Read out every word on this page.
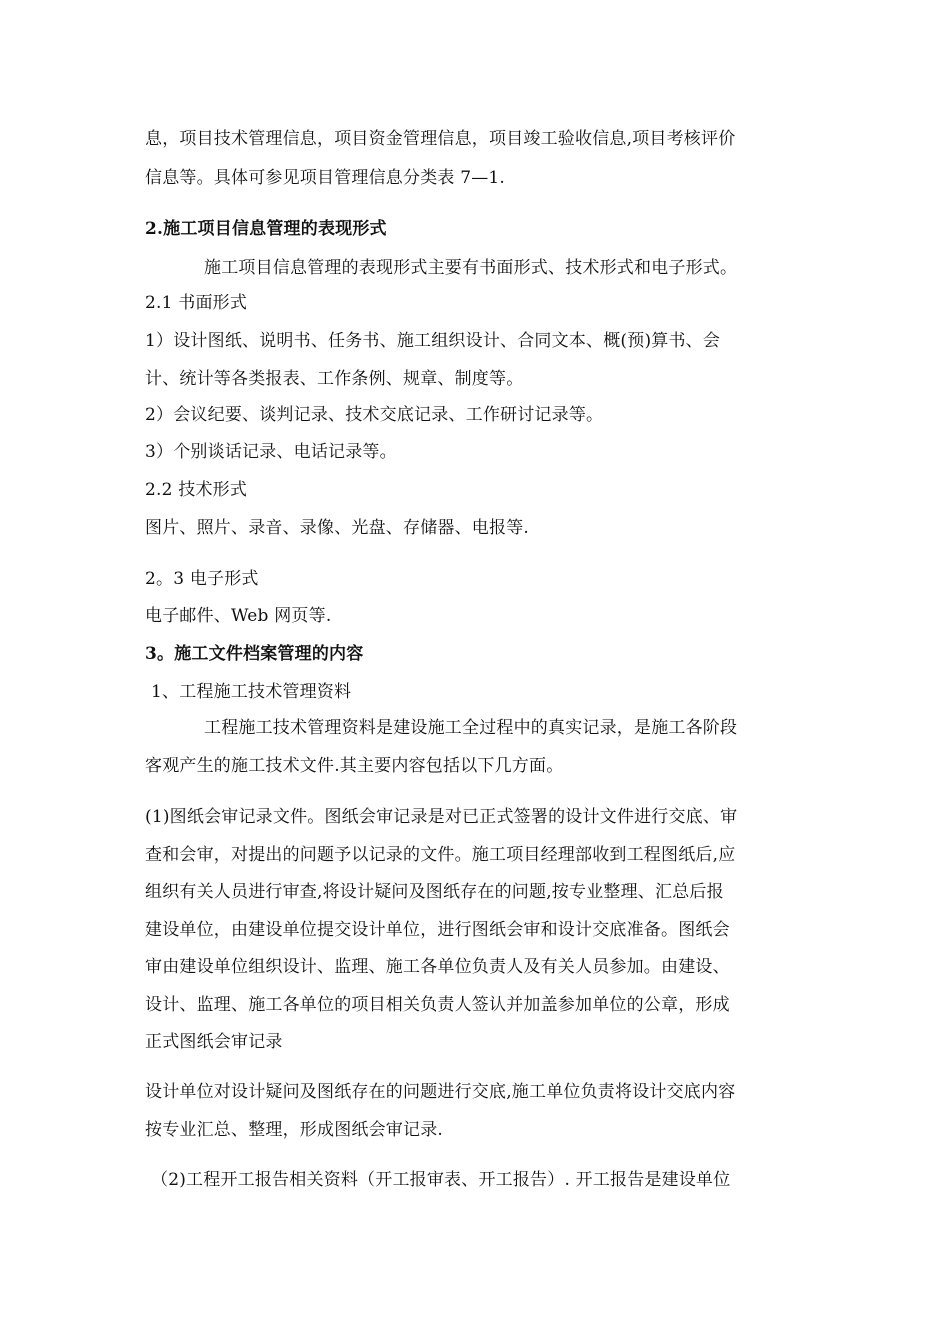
息，项目技术管理信息，项目资金管理信息，项目竣工验收信息,项目考核评价
信息等。具体可参见项目管理信息分类表 7—1.
2.施工项目信息管理的表现形式
施工项目信息管理的表现形式主要有书面形式、技术形式和电子形式。
2.1 书面形式
1）设计图纸、说明书、任务书、施工组织设计、合同文本、概(预)算书、会
计、统计等各类报表、工作条例、规章、制度等。
2）会议纪要、谈判记录、技术交底记录、工作研讨记录等。
3）个别谈话记录、电话记录等。
2.2 技术形式
图片、照片、录音、录像、光盘、存储器、电报等.
2。3 电子形式
电子邮件、Web 网页等.
3。施工文件档案管理的内容
1、工程施工技术管理资料
工程施工技术管理资料是建设施工全过程中的真实记录，是施工各阶段
客观产生的施工技术文件.其主要内容包括以下几方面。
(1)图纸会审记录文件。图纸会审记录是对已正式签署的设计文件进行交底、审
查和会审，对提出的问题予以记录的文件。施工项目经理部收到工程图纸后,应
组织有关人员进行审查,将设计疑问及图纸存在的问题,按专业整理、汇总后报
建设单位，由建设单位提交设计单位，进行图纸会审和设计交底准备。图纸会
审由建设单位组织设计、监理、施工各单位负责人及有关人员参加。由建设、
设计、监理、施工各单位的项目相关负责人签认并加盖参加单位的公章，形成
正式图纸会审记录
设计单位对设计疑问及图纸存在的问题进行交底,施工单位负责将设计交底内容
按专业汇总、整理，形成图纸会审记录.
（2)工程开工报告相关资料（开工报审表、开工报告）. 开工报告是建设单位
